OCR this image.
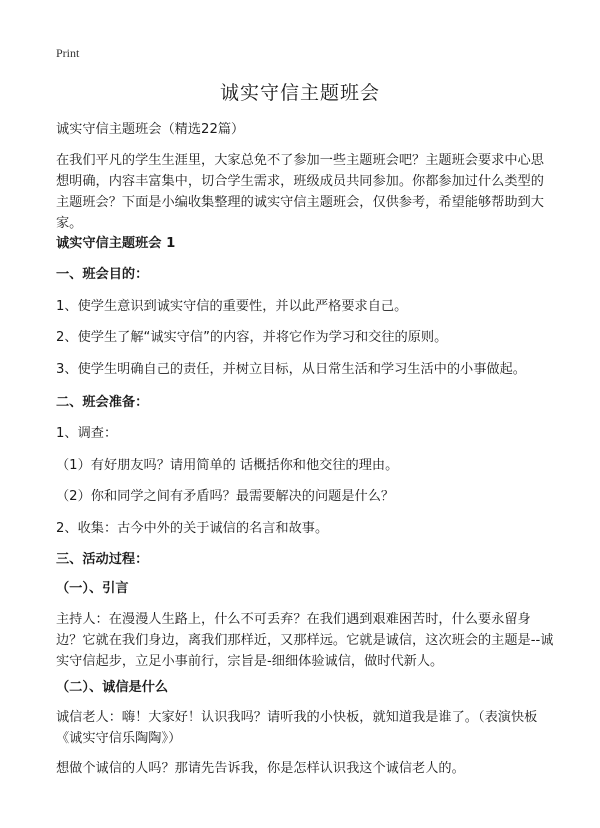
Print
诚实守信主题班会

诚实守信主题班会（精选22篇）

在我们平凡的学生生涯里，大家总免不了参加一些主题班会吧？主题班会要求中心思想明确，内容丰富集中，切合学生需求，班级成员共同参加。你都参加过什么类型的主题班会？下面是小编收集整理的诚实守信主题班会，仅供参考，希望能够帮助到大家。

诚实守信主题班会 1

一、班会目的：

1、使学生意识到诚实守信的重要性，并以此严格要求自己。

2、使学生了解“诚实守信”的内容，并将它作为学习和交往的原则。

3、使学生明确自己的责任，并树立目标，从日常生活和学习生活中的小事做起。

二、班会准备：

1、调查：

（1）有好朋友吗？请用简单的 话概括你和他交往的理由。

（2）你和同学之间有矛盾吗？最需要解决的问题是什么？

2、收集：古今中外的关于诚信的名言和故事。

三、活动过程：

（一）、引言

主持人：在漫漫人生路上，什么不可丢弃？在我们遇到艰难困苦时，什么要永留身边？它就在我们身边，离我们那样近，又那样远。它就是诚信，这次班会的主题是--诚实守信起步，立足小事前行，宗旨是-细细体验诚信，做时代新人。

（二）、诚信是什么

诚信老人：嗨！大家好！认识我吗？请听我的小快板，就知道我是谁了。（表演快板《诚实守信乐陶陶》）

想做个诚信的人吗？那请先告诉我，你是怎样认识我这个诚信老人的。
